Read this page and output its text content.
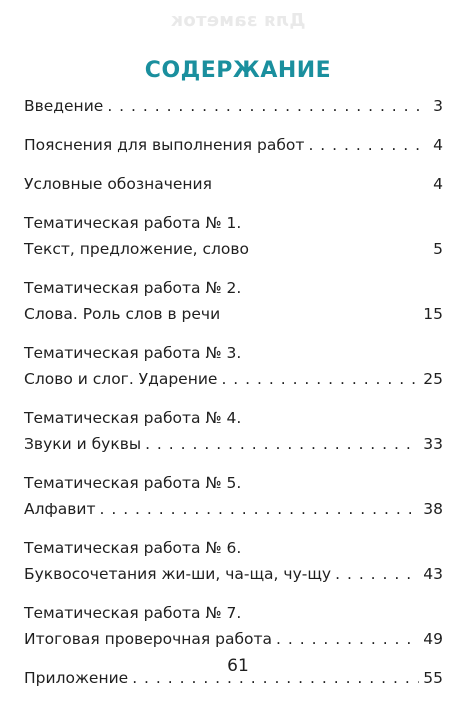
Для заметок
СОДЕРЖАНИЕ
Введение . . .	3
Пояснения для выполнения работ . . .	4
Условные обозначения	4
Тематическая работа № 1.
Текст, предложение, слово	5
Тематическая работа № 2.
Слова. Роль слов в речи	15
Тематическая работа № 3.
Слово и слог. Ударение . . .	25
Тематическая работа № 4.
Звуки и буквы . . .	33
Тематическая работа № 5.
Алфавит . . .	38
Тематическая работа № 6.
Буквосочетания жи-ши, ча-ща, чу-щу . . .	43
Тематическая работа № 7.
Итоговая проверочная работа . . .	49
Приложение . . .	55
61
